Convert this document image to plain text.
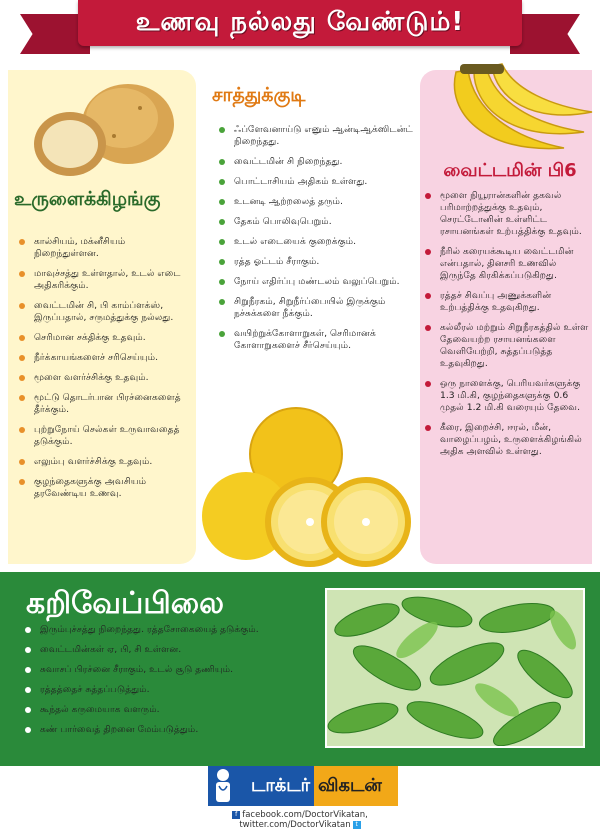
உணவு நல்லது வேண்டும்!
உருளைக்கிழங்கு
கால்சியம், மக்னீசியம் நிறைந்துள்ளன.
மாவுச்சத்து உள்ளதால், உடல் எடை அதிகரிக்கும்.
வைட்டமின் சி, பி காம்ப்ளக்ஸ், இருப்பதால், சருமத்துக்கு நல்லது.
செரிமான சக்திக்கு உதவும்.
நீர்க்காயங்களைச் சரிசெய்யும்.
மூளை வளர்ச்சிக்கு உதவும்.
மூட்டு தொடர்பான பிரச்னைகளைத் தீர்க்கும்.
புற்றுநோய் செல்கள் உருவாவதைத் தடுக்கும்.
எலும்பு வளர்ச்சிக்கு உதவும்.
குழந்தைகளுக்கு அவசியம் தரவேண்டிய உணவு.
சாத்துக்குடி
ஃப்ளேவனாய்டு எனும் ஆன்டிஆக்ஸிடன்ட் நிறைந்தது.
வைட்டமின் சி நிறைந்தது.
பொட்டாசியம் அதிகம் உள்ளது.
உடனடி ஆற்றலைத் தரும்.
தேகம் பொலிவுபெறும்.
உடல் எடையைக் குறைக்கும்.
ரத்த ஓட்டம் சீராகும்.
நோய் எதிர்ப்பு மண்டலம் வலுப்பெறும்.
சிறுநீரகம், சிறுநீர்ப்பையில் இருக்கும் நச்சுக்களை நீக்கும்.
வயிற்றுக்கோளாறுகள், செரிமானக் கோளாறுகளைச் சீர்செய்யும்.
வைட்டமின் பி6
மூளை நியூரான்களின் தகவல் பரிமாற்றத்துக்கு உதவும், செரட்டோனின் உள்ளிட்ட ரசாயனங்கள் உற்பத்திக்கு உதவும்.
நீரில் கரையக்கூடிய வைட்டமின் என்பதால், தினசரி உணவில் இருந்தே கிரகிக்கப்படுகிறது.
ரத்தச் சிவப்பு அணுக்களின் உற்பத்திக்கு உதவுகிறது.
கல்லீரல் மற்றும் சிறுநீரகத்தில் உள்ள தேவையற்ற ரசாயனங்களை வெளியேற்றி, சுத்தப்படுத்த உதவுகிறது.
ஒரு நாளைக்கு, பெரியவர்களுக்கு 1.3 மி.கி, குழந்தைகளுக்கு 0.6 முதல் 1.2 மி.கி வரையும் தேவை.
கீரை, இறைச்சி, ஈரல், மீன், வாழைப்பழம், உருளைக்கிழங்கில் அதிக அளவில் உள்ளது.
கறிவேப்பிலை
இரும்புச்சத்து நிறைந்தது. ரத்தசோகையைத் தடுக்கும்.
வைட்டமின்கள் ஏ, பி, சி உள்ளன.
சுவாசப் பிரச்னை சீராகும், உடல் சூடு தணியும்.
ரத்தத்தைச் சுத்தப்படுத்தும்.
கூந்தல் கருமையாக வளரும்.
கண் பார்வைத் திறனை மேம்படுத்தும்.
டாக்டர் விகடன்
f facebook.com/DoctorVikatan,
twitter.com/DoctorVikatan t
